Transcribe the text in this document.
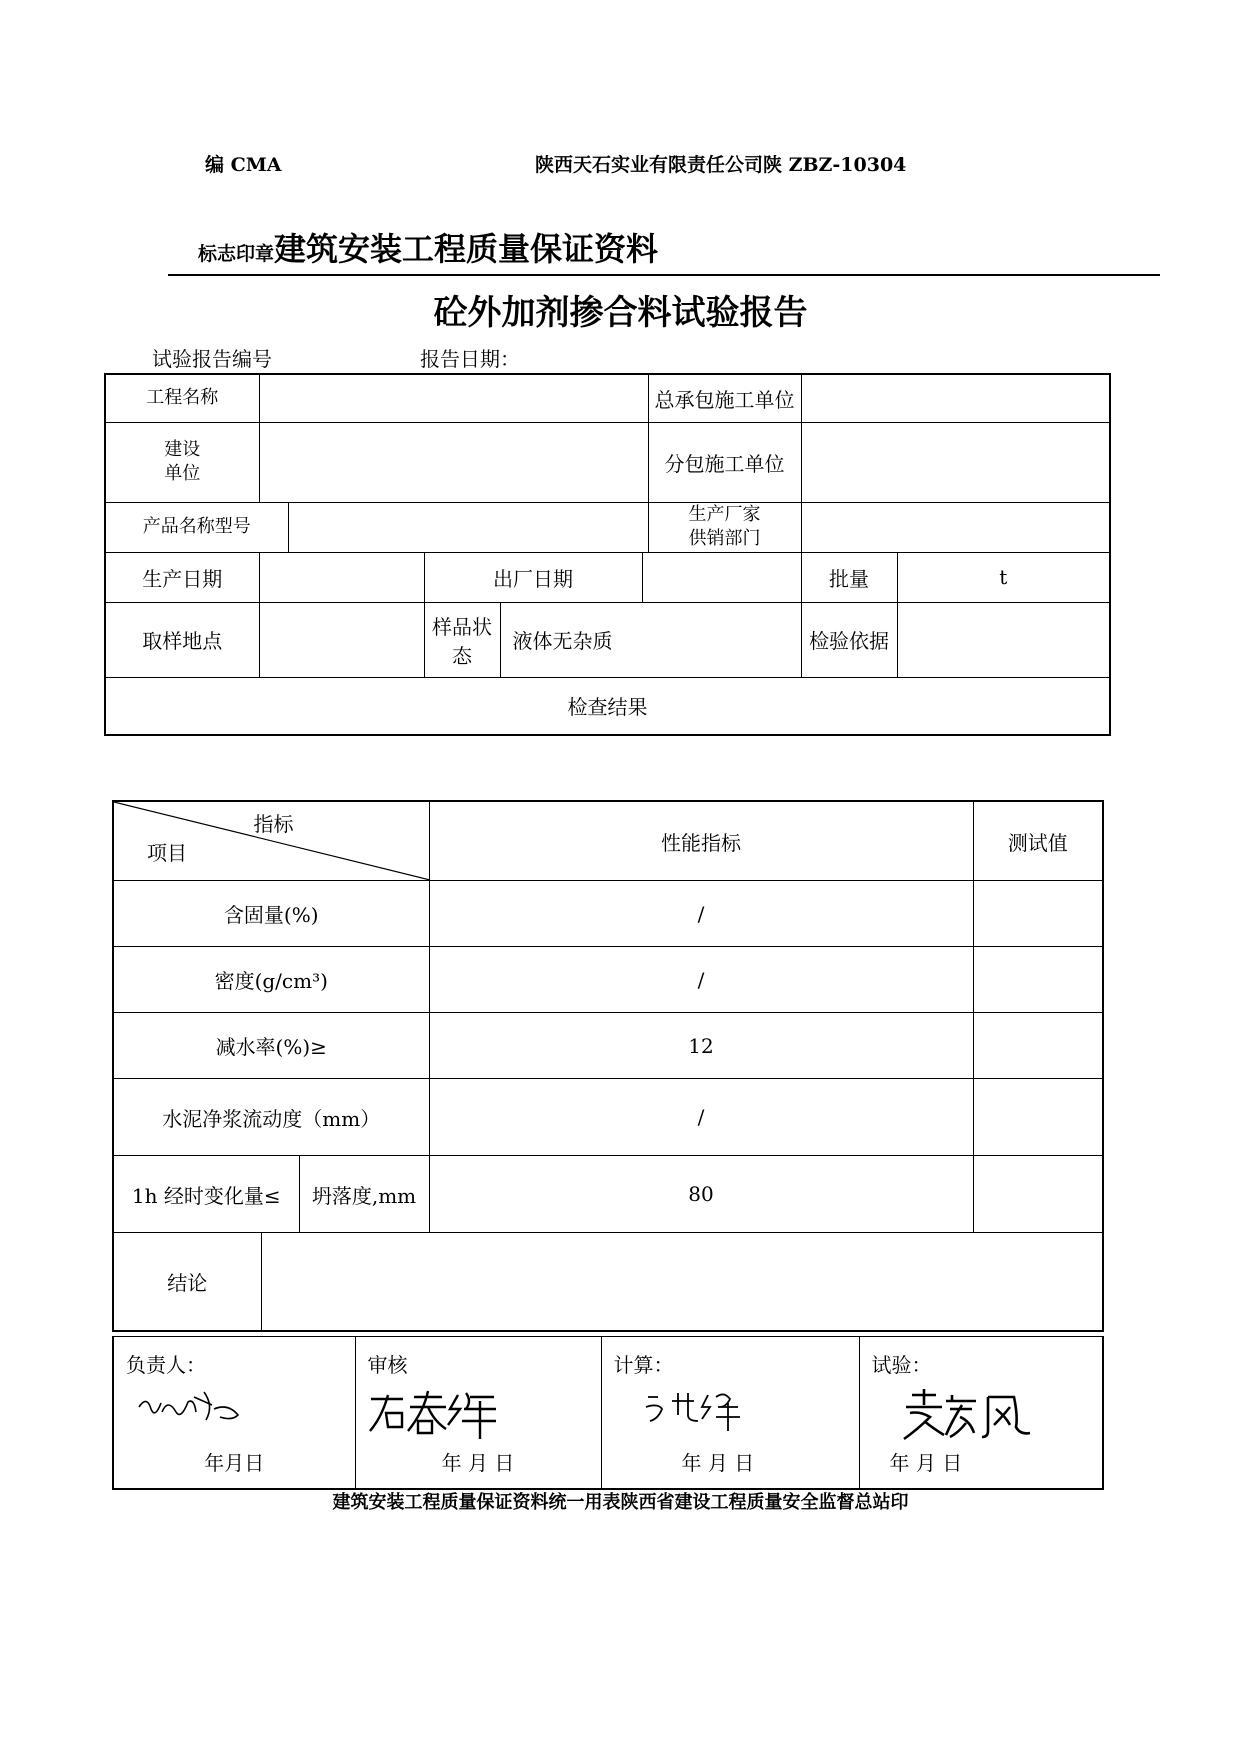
编 CMA	陕西天石实业有限责任公司陕 ZBZ-10304
标志印章建筑安装工程质量保证资料
砼外加剂掺合料试验报告
试验报告编号	报告日期：
工程名称						总承包施工单位		
建设
单位						分包施工单位		
产品名称型号						生产厂家
供销部门		
生产日期			出厂日期				批量	t
取样地点			样品状态	液体无杂质			检验依据	
检查结果								
指标
项目			性能指标	测试值
含固量(%)			/	
密度(g/cm³)			/	
减水率(%)≥			12	
水泥净浆流动度（mm）			/	
1h 经时变化量≤		坍落度,mm	80	
结论				
负责人：
年月日

审核
年 月 日

计算：
年 月 日

试验：
年 月 日
建筑安装工程质量保证资料统一用表陕西省建设工程质量安全监督总站印
